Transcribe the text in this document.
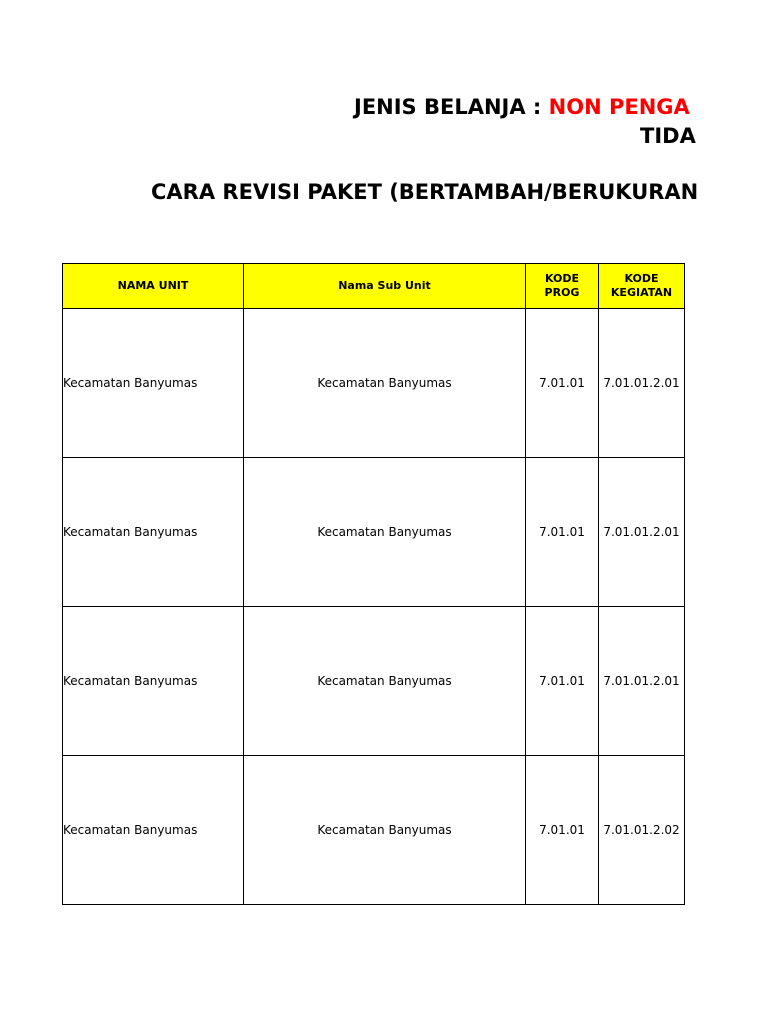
JENIS BELANJA : NON PENGA
TIDA
CARA REVISI PAKET (BERTAMBAH/BERUKURAN
NAMA UNIT	Nama Sub Unit	KODE PROG	KODE KEGIATAN
Kecamatan Banyumas	Kecamatan Banyumas	7.01.01	7.01.01.2.01
Kecamatan Banyumas	Kecamatan Banyumas	7.01.01	7.01.01.2.01
Kecamatan Banyumas	Kecamatan Banyumas	7.01.01	7.01.01.2.01
Kecamatan Banyumas	Kecamatan Banyumas	7.01.01	7.01.01.2.02
